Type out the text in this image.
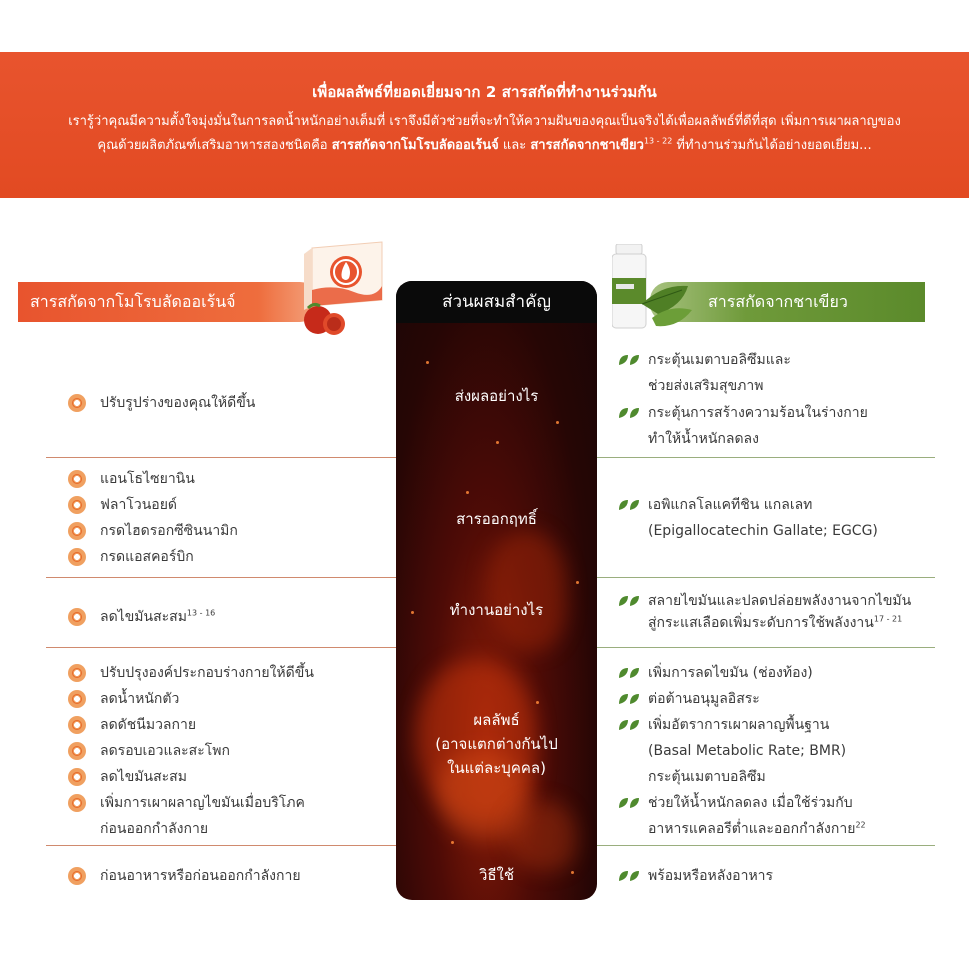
เพื่อผลลัพธ์ที่ยอดเยี่ยมจาก 2 สารสกัดที่ทำงานร่วมกัน
เรารู้ว่าคุณมีความตั้งใจมุ่งมั่นในการลดน้ำหนักอย่างเต็มที่ เราจึงมีตัวช่วยที่จะทำให้ความฝันของคุณเป็นจริงได้เพื่อผลลัพธ์ที่ดีที่สุด เพิ่มการเผาผลาญของ
คุณด้วยผลิตภัณฑ์เสริมอาหารสองชนิดคือ สารสกัดจากโมโรบลัดออเร้นจ์ และ สารสกัดจากชาเขียว$^{13 - 22}$ ที่ทำงานร่วมกันได้อย่างยอดเยี่ยม...
ส่วนผสมสำคัญ
สารสกัดจากโมโรบลัดออเร้นจ์	สารสกัดจากชาเขียว
ส่งผลอย่างไร
สารออกฤทธิ์
ทำงานอย่างไร
ผลลัพธ์
(อาจแตกต่างกันไป
ในแต่ละบุคคล)
วิธีใช้
ปรับรูปร่างของคุณให้ดีขึ้น
แอนโธไซยานิน
ฟลาโวนอยด์
กรดไฮดรอกซีซินนามิก
กรดแอสคอร์บิก
ลดไขมันสะสม$^{13 - 16}$
ปรับปรุงองค์ประกอบร่างกายให้ดีขึ้น
ลดน้ำหนักตัว
ลดดัชนีมวลกาย
ลดรอบเอวและสะโพก
ลดไขมันสะสม
เพิ่มการเผาผลาญไขมันเมื่อบริโภค
ก่อนออกกำลังกาย
ก่อนอาหารหรือก่อนออกกำลังกาย
กระตุ้นเมตาบอลิซึมและ
ช่วยส่งเสริมสุขภาพ
กระตุ้นการสร้างความร้อนในร่างกาย
ทำให้น้ำหนักลดลง
เอพิแกลโลแคทีชิน แกลเลท
(Epigallocatechin Gallate; EGCG)
สลายไขมันและปลดปล่อยพลังงานจากไขมัน
สู่กระแสเลือดเพิ่มระดับการใช้พลังงาน$^{17 - 21}$
เพิ่มการลดไขมัน (ช่องท้อง)
ต่อต้านอนุมูลอิสระ
เพิ่มอัตราการเผาผลาญพื้นฐาน
(Basal Metabolic Rate; BMR)
กระตุ้นเมตาบอลิซึม
ช่วยให้น้ำหนักลดลง เมื่อใช้ร่วมกับ
อาหารแคลอรีต่ำและออกกำลังกาย$^{22}$
พร้อมหรือหลังอาหาร
